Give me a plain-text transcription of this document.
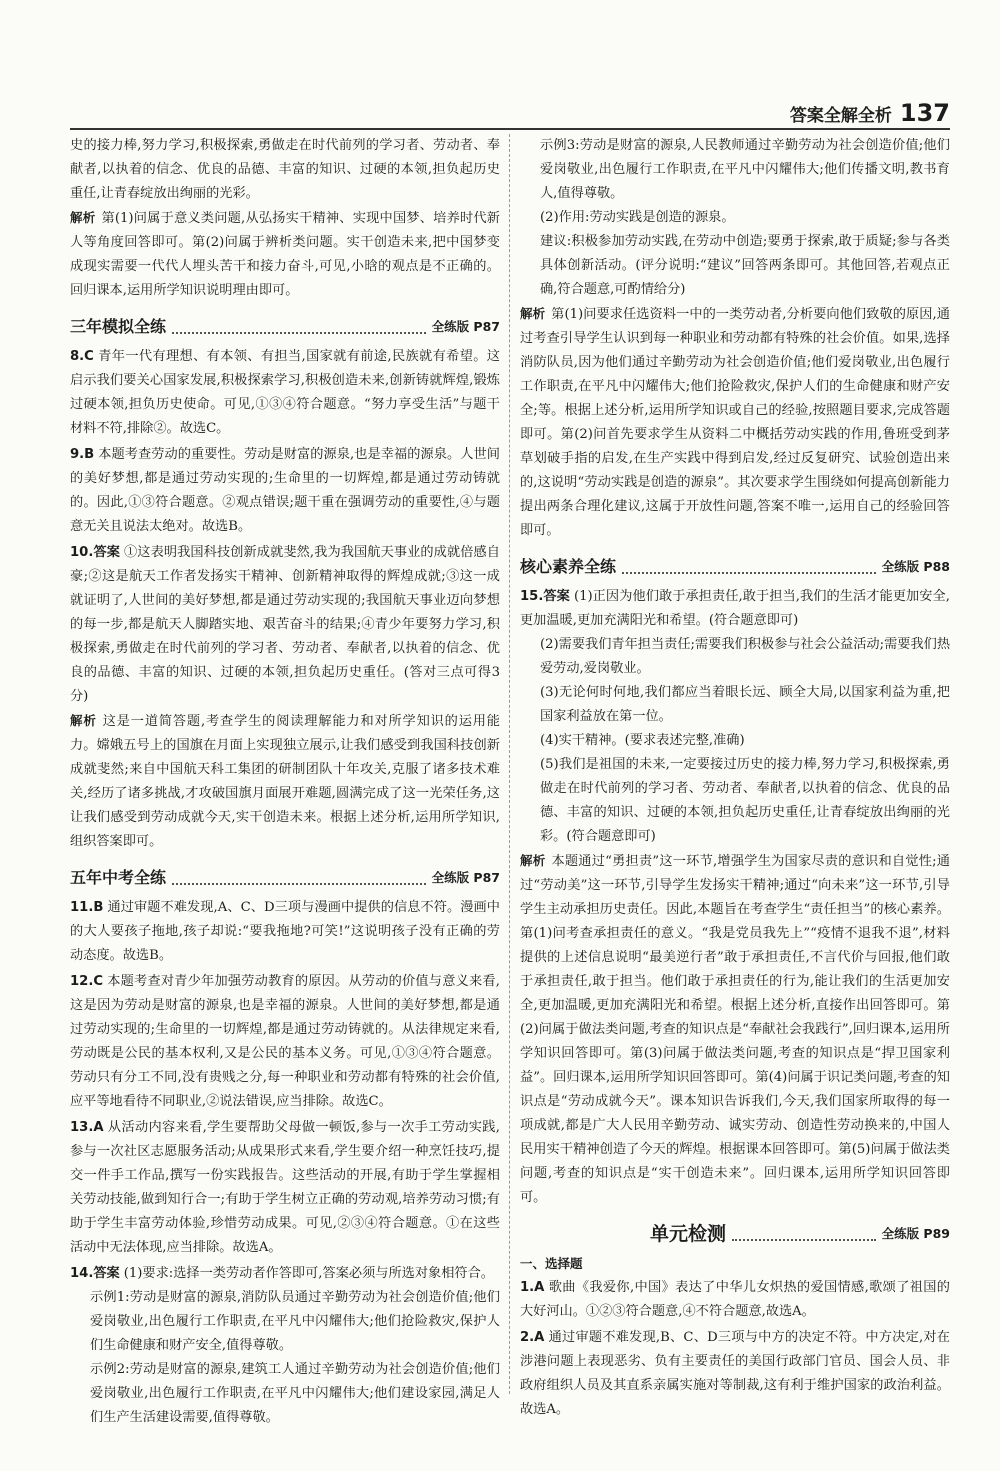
答案全解全析 137

史的接力棒,努力学习,积极探索,勇做走在时代前列的学习者、劳动者、奉献者,以执着的信念、优良的品德、丰富的知识、过硬的本领,担负起历史重任,让青春绽放出绚丽的光彩。

解析 第(1)问属于意义类问题,从弘扬实干精神、实现中国梦、培养时代新人等角度回答即可。第(2)问属于辨析类问题。实干创造未来,把中国梦变成现实需要一代代人埋头苦干和接力奋斗,可见,小晗的观点是不正确的。回归课本,运用所学知识说明理由即可。

三年模拟全练	全练版 P87

8.C 青年一代有理想、有本领、有担当,国家就有前途,民族就有希望。这启示我们要关心国家发展,积极探索学习,积极创造未来,创新铸就辉煌,锻炼过硬本领,担负历史使命。可见,①③④符合题意。“努力享受生活”与题干材料不符,排除②。故选C。

9.B 本题考查劳动的重要性。劳动是财富的源泉,也是幸福的源泉。人世间的美好梦想,都是通过劳动实现的;生命里的一切辉煌,都是通过劳动铸就的。因此,①③符合题意。②观点错误;题干重在强调劳动的重要性,④与题意无关且说法太绝对。故选B。

10.答案 ①这表明我国科技创新成就斐然,我为我国航天事业的成就倍感自豪;②这是航天工作者发扬实干精神、创新精神取得的辉煌成就;③这一成就证明了,人世间的美好梦想,都是通过劳动实现的;我国航天事业迈向梦想的每一步,都是航天人脚踏实地、艰苦奋斗的结果;④青少年要努力学习,积极探索,勇做走在时代前列的学习者、劳动者、奉献者,以执着的信念、优良的品德、丰富的知识、过硬的本领,担负起历史重任。(答对三点可得3分)

解析 这是一道简答题,考查学生的阅读理解能力和对所学知识的运用能力。嫦娥五号上的国旗在月面上实现独立展示,让我们感受到我国科技创新成就斐然;来自中国航天科工集团的研制团队十年攻关,克服了诸多技术难关,经历了诸多挑战,才攻破国旗月面展开难题,圆满完成了这一光荣任务,这让我们感受到劳动成就今天,实干创造未来。根据上述分析,运用所学知识,组织答案即可。

五年中考全练	全练版 P87

11.B 通过审题不难发现,A、C、D三项与漫画中提供的信息不符。漫画中的大人要孩子拖地,孩子却说:“要我拖地?可笑!”这说明孩子没有正确的劳动态度。故选B。

12.C 本题考查对青少年加强劳动教育的原因。从劳动的价值与意义来看,这是因为劳动是财富的源泉,也是幸福的源泉。人世间的美好梦想,都是通过劳动实现的;生命里的一切辉煌,都是通过劳动铸就的。从法律规定来看,劳动既是公民的基本权利,又是公民的基本义务。可见,①③④符合题意。劳动只有分工不同,没有贵贱之分,每一种职业和劳动都有特殊的社会价值,应平等地看待不同职业,②说法错误,应当排除。故选C。

13.A 从活动内容来看,学生要帮助父母做一顿饭,参与一次手工劳动实践,参与一次社区志愿服务活动;从成果形式来看,学生要介绍一种烹饪技巧,提交一件手工作品,撰写一份实践报告。这些活动的开展,有助于学生掌握相关劳动技能,做到知行合一;有助于学生树立正确的劳动观,培养劳动习惯;有助于学生丰富劳动体验,珍惜劳动成果。可见,②③④符合题意。①在这些活动中无法体现,应当排除。故选A。

14.答案 (1)要求:选择一类劳动者作答即可,答案必须与所选对象相符合。

示例1:劳动是财富的源泉,消防队员通过辛勤劳动为社会创造价值;他们爱岗敬业,出色履行工作职责,在平凡中闪耀伟大;他们抢险救灾,保护人们生命健康和财产安全,值得尊敬。

示例2:劳动是财富的源泉,建筑工人通过辛勤劳动为社会创造价值;他们爱岗敬业,出色履行工作职责,在平凡中闪耀伟大;他们建设家园,满足人们生产生活建设需要,值得尊敬。

示例3:劳动是财富的源泉,人民教师通过辛勤劳动为社会创造价值;他们爱岗敬业,出色履行工作职责,在平凡中闪耀伟大;他们传播文明,教书育人,值得尊敬。

(2)作用:劳动实践是创造的源泉。

建议:积极参加劳动实践,在劳动中创造;要勇于探索,敢于质疑;参与各类具体创新活动。(评分说明:“建议”回答两条即可。其他回答,若观点正确,符合题意,可酌情给分)

解析 第(1)问要求任选资料一中的一类劳动者,分析要向他们致敬的原因,通过考查引导学生认识到每一种职业和劳动都有特殊的社会价值。如果,选择消防队员,因为他们通过辛勤劳动为社会创造价值;他们爱岗敬业,出色履行工作职责,在平凡中闪耀伟大;他们抢险救灾,保护人们的生命健康和财产安全;等。根据上述分析,运用所学知识或自己的经验,按照题目要求,完成答题即可。第(2)问首先要求学生从资料二中概括劳动实践的作用,鲁班受到茅草划破手指的启发,在生产实践中得到启发,经过反复研究、试验创造出来的,这说明“劳动实践是创造的源泉”。其次要求学生围绕如何提高创新能力提出两条合理化建议,这属于开放性问题,答案不唯一,运用自己的经验回答即可。

核心素养全练	全练版 P88

15.答案 (1)正因为他们敢于承担责任,敢于担当,我们的生活才能更加安全,更加温暖,更加充满阳光和希望。(符合题意即可)

(2)需要我们青年担当责任;需要我们积极参与社会公益活动;需要我们热爱劳动,爱岗敬业。

(3)无论何时何地,我们都应当着眼长远、顾全大局,以国家利益为重,把国家利益放在第一位。

(4)实干精神。(要求表述完整,准确)

(5)我们是祖国的未来,一定要接过历史的接力棒,努力学习,积极探索,勇做走在时代前列的学习者、劳动者、奉献者,以执着的信念、优良的品德、丰富的知识、过硬的本领,担负起历史重任,让青春绽放出绚丽的光彩。(符合题意即可)

解析 本题通过“勇担责”这一环节,增强学生为国家尽责的意识和自觉性;通过“劳动美”这一环节,引导学生发扬实干精神;通过“向未来”这一环节,引导学生主动承担历史责任。因此,本题旨在考查学生“责任担当”的核心素养。第(1)问考查承担责任的意义。“我是党员我先上”“疫情不退我不退”,材料提供的上述信息说明“最美逆行者”敢于承担责任,不言代价与回报,他们敢于承担责任,敢于担当。他们敢于承担责任的行为,能让我们的生活更加安全,更加温暖,更加充满阳光和希望。根据上述分析,直接作出回答即可。第(2)问属于做法类问题,考查的知识点是“奉献社会我践行”,回归课本,运用所学知识回答即可。第(3)问属于做法类问题,考查的知识点是“捍卫国家利益”。回归课本,运用所学知识回答即可。第(4)问属于识记类问题,考查的知识点是“劳动成就今天”。课本知识告诉我们,今天,我们国家所取得的每一项成就,都是广大人民用辛勤劳动、诚实劳动、创造性劳动换来的,中国人民用实干精神创造了今天的辉煌。根据课本回答即可。第(5)问属于做法类问题,考查的知识点是“实干创造未来”。回归课本,运用所学知识回答即可。

单元检测	全练版 P89

一、选择题

1.A 歌曲《我爱你,中国》表达了中华儿女炽热的爱国情感,歌颂了祖国的大好河山。①②③符合题意,④不符合题意,故选A。

2.A 通过审题不难发现,B、C、D三项与中方的决定不符。中方决定,对在涉港问题上表现恶劣、负有主要责任的美国行政部门官员、国会人员、非政府组织人员及其直系亲属实施对等制裁,这有利于维护国家的政治利益。故选A。
